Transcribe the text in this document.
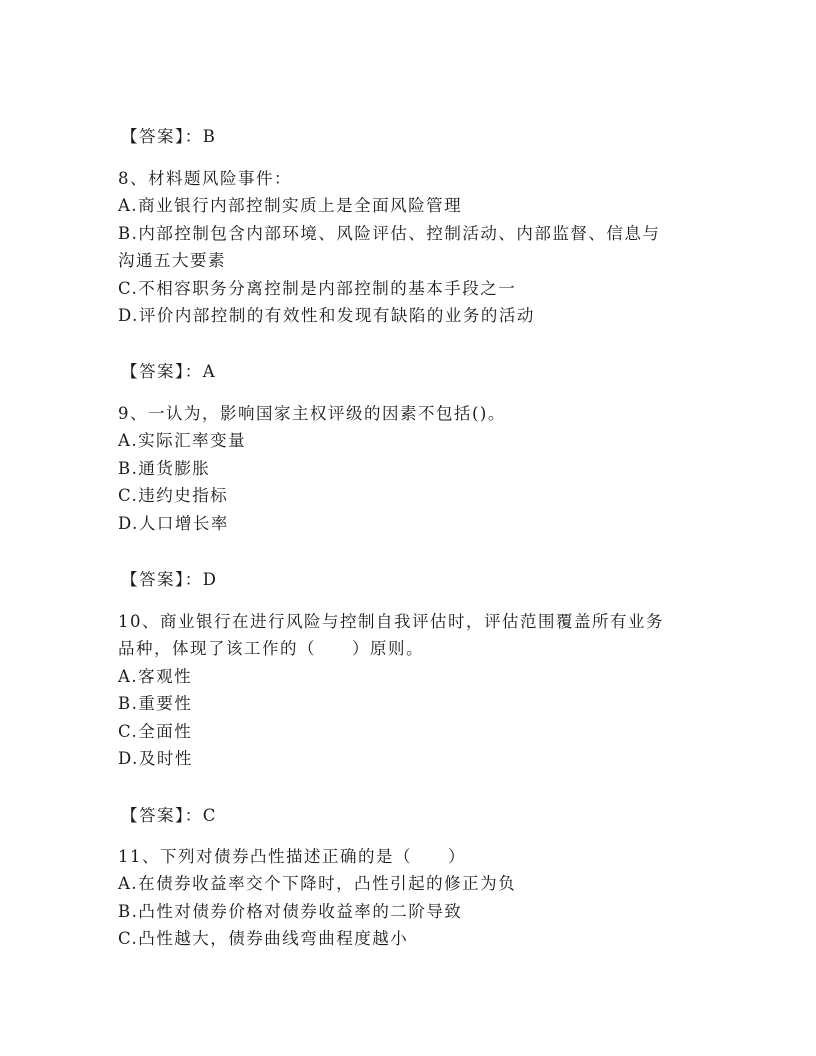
【答案】：B
8、材料题风险事件：
A.商业银行内部控制实质上是全面风险管理
B.内部控制包含内部环境、风险评估、控制活动、内部监督、信息与
沟通五大要素
C.不相容职务分离控制是内部控制的基本手段之一
D.评价内部控制的有效性和发现有缺陷的业务的活动
【答案】：A
9、一认为，影响国家主权评级的因素不包括()。
A.实际汇率变量
B.通货膨胀
C.违约史指标
D.人口增长率
【答案】：D
10、商业银行在进行风险与控制自我评估时，评估范围覆盖所有业务
品种，体现了该工作的（　　）原则。
A.客观性
B.重要性
C.全面性
D.及时性
【答案】：C
11、下列对债券凸性描述正确的是（　　）
A.在债券收益率交个下降时，凸性引起的修正为负
B.凸性对债券价格对债券收益率的二阶导致
C.凸性越大，债券曲线弯曲程度越小
